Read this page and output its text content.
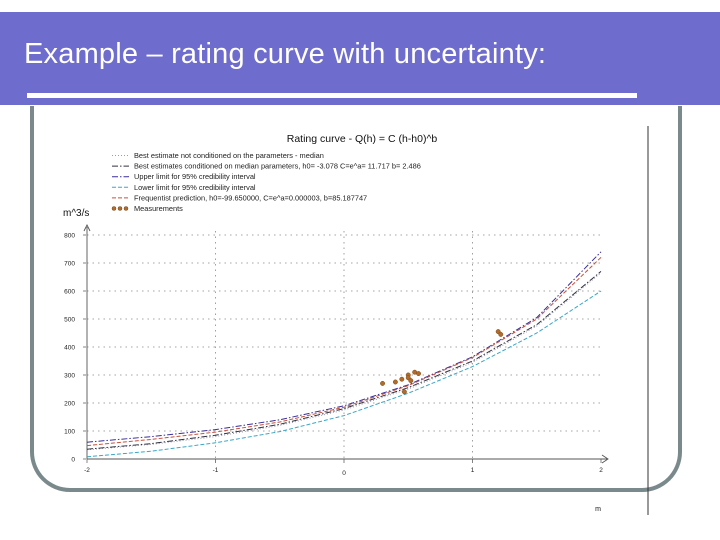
Example – rating curve with uncertainty:
0
100
200
300
400
500
600
700
800
-2	-1	0	1	2
Best estimate not conditioned on the parameters - median
Best estimates conditioned on median parameters, h0= -3.078 C=e^a= 11.717 b= 2.486
Upper limit for 95% credibility interval
Lower limit for 95% credibility interval
Frequentist prediction, h0=-99.650000, C=e^a=0.000003, b=85.187747
Measurements
Rating curve - Q(h) = C (h-h0)^b
m^3/s
m
